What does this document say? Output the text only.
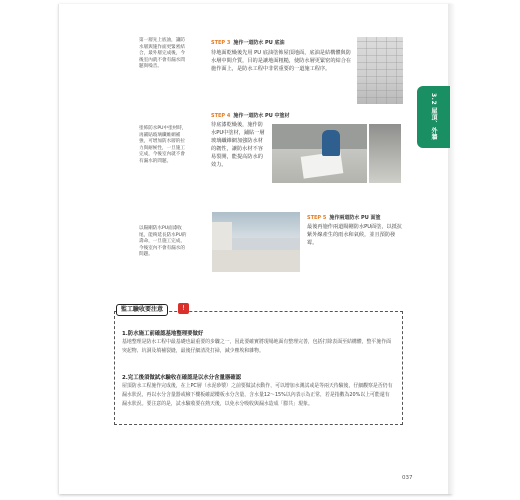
3.2 屋頂、外牆
第一層先上底油，讓防水層與施作面更緊密結合，最外層完成後，今後室內就不會有漏水問題與噪音。
STEP 3 施作一道防水 PU 底油
待地面乾燥後先用 PU 底油塗佈屋頂地面，底油是結構體與防水層中間介質，目的是讓地面粗糙，使防水層更緊密的結合在施作面上，是防水工程中非常重要的一道施工程序。
塗佈防水PU中塗材時，再鋪貼玻璃纖維網補強，可增加防水層的拉力與耐候性，一旦施工完成，今後室內就不會有漏水的問題。
STEP 4 施作一道防水 PU 中塗材
待底漆乾燥後，施作防水PU中塗材，鋪貼一層玻璃纖維網加強防水材的韌性，讓防水材不容易裂開，能提高防水的效力。
以陽剛防水PU面漆收尾，能夠延長防水PU的壽命，一旦施工完成，今後室內不會有漏水的問題。
STEP 5 施作兩道防水 PU 面塗
最後再施作兩道陽剛防水PU面塗，以抵抗紫外線產生的雨水和氣候，並且預防發霉。
監工驗收要注意	!
1.防水施工前確認基地整理要做好
基地整理是防水工程中最基礎也最重要的步驟之一，因此要確實將現場地面有整理完善，包括打除表面至結構體，整平施作面突起物、坑洞及填補裂縫，最後仔細清洗打掃，減少塵埃和雜物。
2.完工後須做試水驗收在確認是以水分含量器確認
屋頂防水工程施作完成後，在上PC層（水泥砂漿）之前要做試水動作，可以增加水測試或是等兩天待驗後，仔細觀察是否仍有漏水狀況，再以水分含量器或檢下樓板確認樓板水分含量，含水量12～15%以內表示為正常，若是指數為20%以上可能還有漏水狀況。要注意的是，試水驗收要在熱天後，以免水分吸收與漏水造成「膨共」現象。
037
